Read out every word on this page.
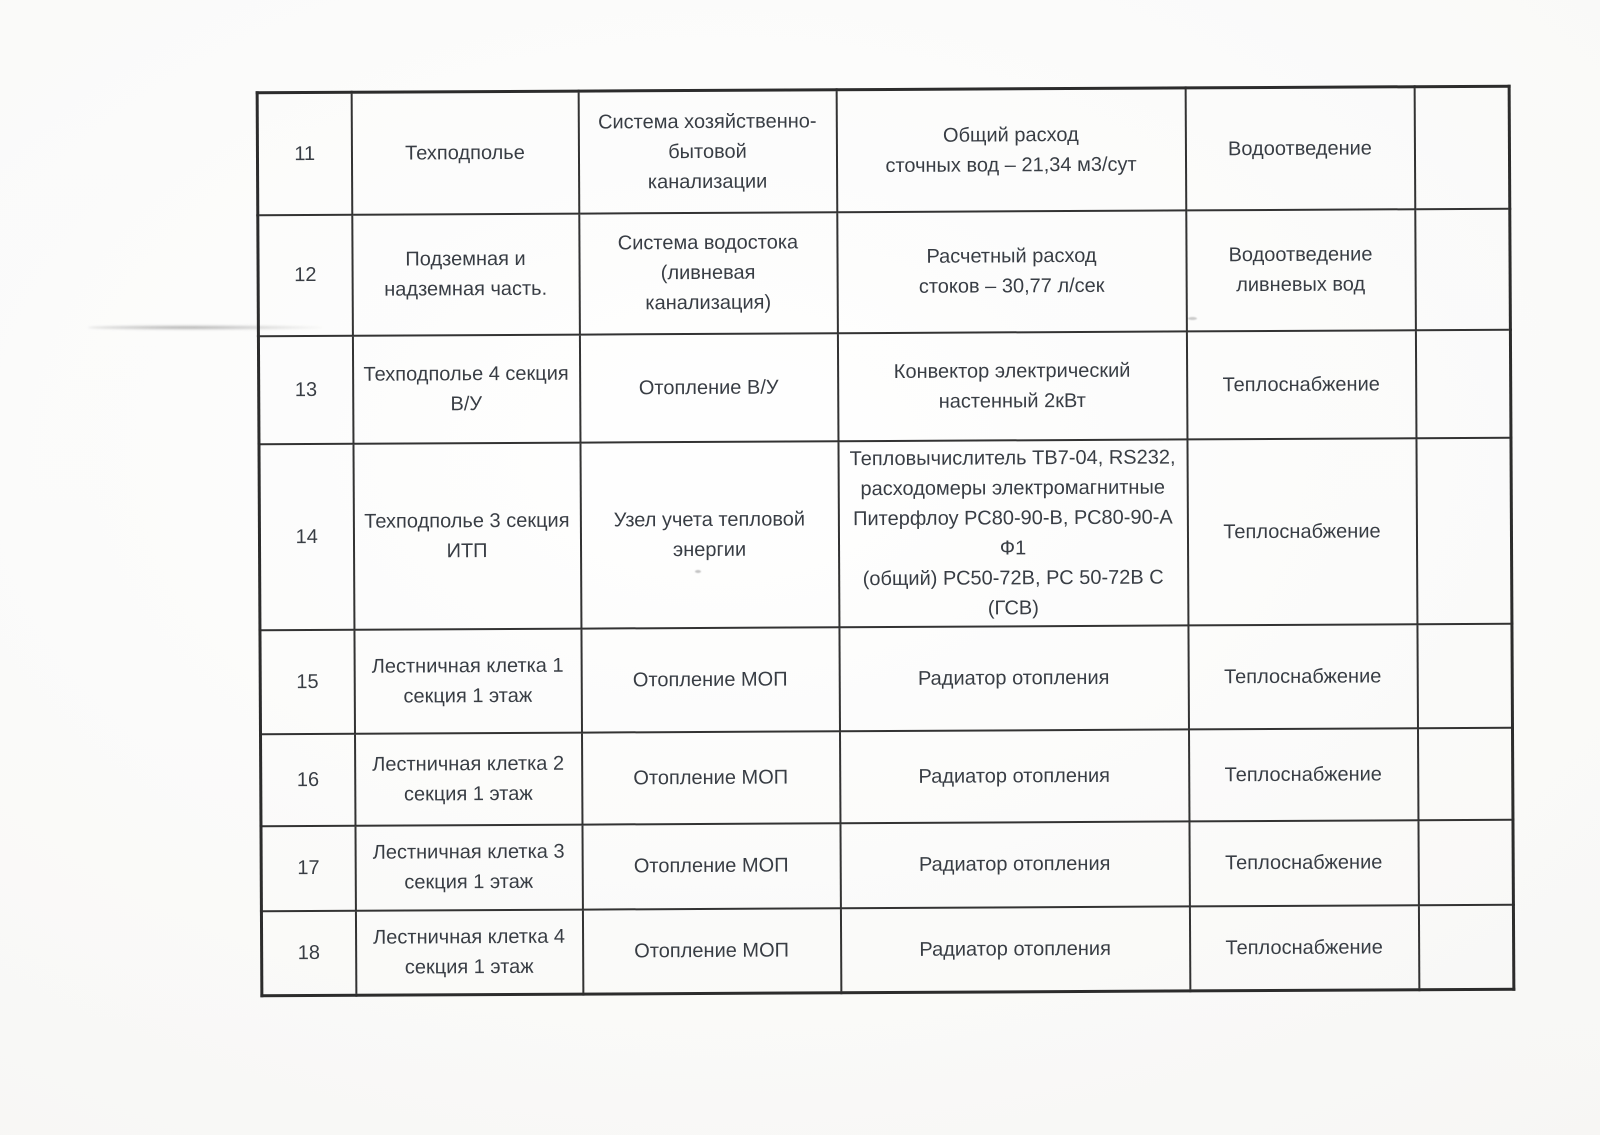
11	Техподполье	Система хозяйственно-
бытовой
канализации	Общий расход
сточных вод – 21,34 м3/сут	Водоотведение	
12	Подземная и
надземная часть.	Система водостока
(ливневая
канализация)	Расчетный расход
стоков – 30,77 л/сек	Водоотведение
ливневых вод	
13	Техподполье 4 секция
В/У	Отопление В/У	Конвектор электрический
настенный 2кВт	Теплоснабжение	
14	Техподполье 3 секция
ИТП	Узел учета тепловой
энергии	Тепловычислитель ТВ7-04, RS232,
расходомеры электромагнитные
Питерфлоу РС80-90-В, РС80-90-А Ф1
(общий) РС50-72В, РС 50-72В С (ГСВ)	Теплоснабжение	
15	Лестничная клетка 1
секция 1 этаж	Отопление МОП	Радиатор отопления	Теплоснабжение	
16	Лестничная клетка 2
секция 1 этаж	Отопление МОП	Радиатор отопления	Теплоснабжение	
17	Лестничная клетка 3
секция 1 этаж	Отопление МОП	Радиатор отопления	Теплоснабжение	
18	Лестничная клетка 4
секция 1 этаж	Отопление МОП	Радиатор отопления	Теплоснабжение	
